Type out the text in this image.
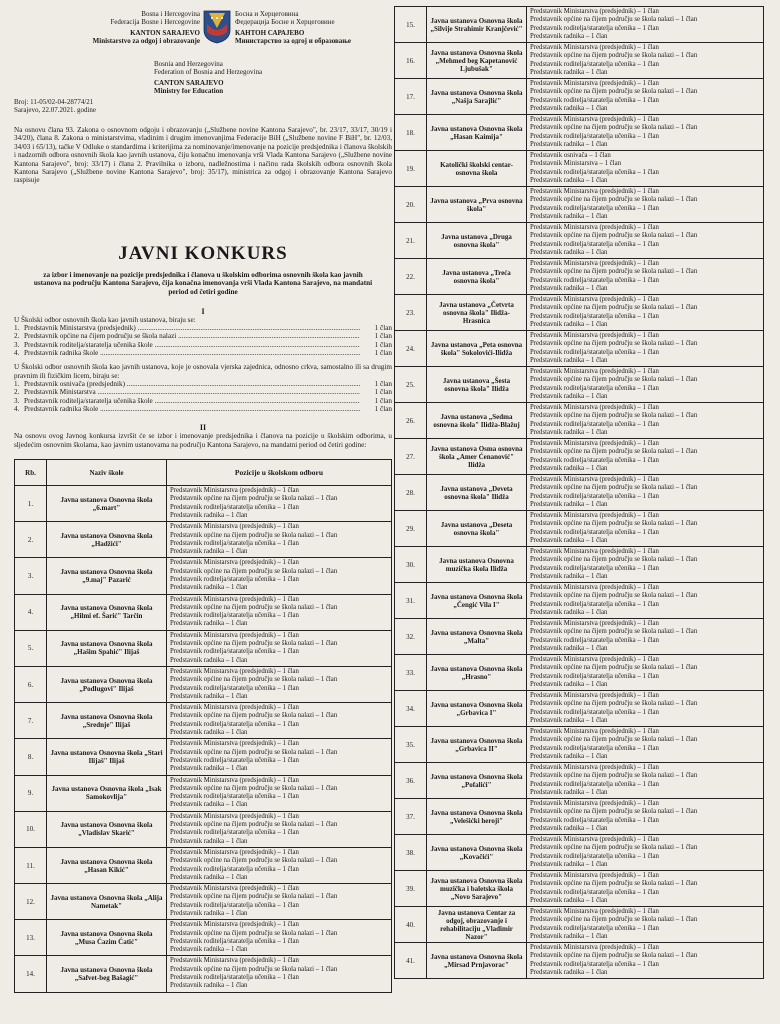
Bosna i Hercegovina
Federacija Bosne i Hercegovine
KANTON SARAJEVO
Ministarstvo za odgoj i obrazovanje
Босна и Херцеговина
Федерација Босне и Херцеговине
КАНТОН САРАЈЕВО
Министарство за одгој и образовање
Bosnia and Herzegovina
Federation of Bosnia and Herzegovina
CANTON SARAJEVO
Ministry for Education
Broj: 11-05/02-04-28774/21
Sarajevo, 22.07.2021. godine

Na osnovu člana 93. Zakona o osnovnom odgoju i obrazovanju („Službene novine Kantona Sarajevo", br. 23/17, 33/17, 30/19 i 34/20), člana 8. Zakona o ministarstvima, vladinim i drugim imenovanjima Federacije BiH („Službene novine F BiH", br. 12/03, 34/03 i 65/13), tačke V Odluke o standardima i kriterijima za nominovanje/imenovanje na pozicije predsjednika i članova školskih i nadzornih odbora osnovnih škola kao javnih ustanova, čiju konačnu imenovanja vrši Vlada Kantona Sarajevo („Službene novine Kantona Sarajevo", broj: 33/17) i člana 2. Pravilnika o izboru, nadležnostima i načinu rada školskih odbora osnovnih škola Kantona Sarajevo („Službene novine Kantona Sarajevo", broj: 35/17), ministrica za odgoj i obrazovanje Kantona Sarajevo raspisuje

JAVNI KONKURS
za izbor i imenovanje na pozicije predsjednika i članova u školskim odborima osnovnih škola kao javnih ustanova na području Kantona Sarajevo, čija konačna imenovanja vrši Vlada Kantona Sarajevo, na mandatni period od četiri godine
I

U Školski odbor osnovnih škola kao javnih ustanova, biraju se:

1. Predstavnik Ministarstva (predsjednik) .....	1 član
2. Predstavnik općine na čijem području se škola nalazi .....	1 član
3. Predstavnik roditelja/staratelja učenika škole .....	1 član
4. Predstavnik radnika škole .....	1 član

U Školski odbor osnovnih škola kao javnih ustanova, koje je osnovala vjerska zajednica, odnosno crkva, samostalno ili sa drugim pravnim ili fizičkim licem, biraju se:

1. Predstavnik osnivača (predsjednik) .....	1 član
2. Predstavnik Ministarstva .....	1 član
3. Predstavnik roditelja/staratelja učenika škole .....	1 član
4. Predstavnik radnika škole .....	1 član
II

Na osnovu ovog Javnog konkursa izvršit će se izbor i imenovanje predsjednika i članova na pozicije u školskim odborima, u sljedećim osnovnim školama, kao javnim ustanovama na području Kantona Sarajevo, na mandatni period od četiri godine:

Rb.	Naziv škole	Pozicije u školskom odboru
1.	Javna ustanova Osnovna škola „6.mart"	Predstavnik Ministarstva (predsjednik) – 1 član
Predstavnik općine na čijem području se škola nalazi – 1 član
Predstavnik roditelja/staratelja učenika – 1 član
Predstavnik radnika – 1 član

2.	Javna ustanova Osnovna škola „Hadžići"	Predstavnik Ministarstva (predsjednik) – 1 član
Predstavnik općine na čijem području se škola nalazi – 1 član
Predstavnik roditelja/staratelja učenika – 1 član
Predstavnik radnika – 1 član

3.	Javna ustanova Osnovna škola „9.maj" Pazarić	Predstavnik Ministarstva (predsjednik) – 1 član
Predstavnik općine na čijem području se škola nalazi – 1 član
Predstavnik roditelja/staratelja učenika – 1 član
Predstavnik radnika – 1 član

4.	Javna ustanova Osnovna škola „Hilmi ef. Šarić" Tarčin	Predstavnik Ministarstva (predsjednik) – 1 član
Predstavnik općine na čijem području se škola nalazi – 1 član
Predstavnik roditelja/staratelja učenika – 1 član
Predstavnik radnika – 1 član

5.	Javna ustanova Osnovna škola „Hašim Spahić" Ilijaš	Predstavnik Ministarstva (predsjednik) – 1 član
Predstavnik općine na čijem području se škola nalazi – 1 član
Predstavnik roditelja/staratelja učenika – 1 član
Predstavnik radnika – 1 član

6.	Javna ustanova Osnovna škola „Podlugovi" Ilijaš	Predstavnik Ministarstva (predsjednik) – 1 član
Predstavnik općine na čijem području se škola nalazi – 1 član
Predstavnik roditelja/staratelja učenika – 1 član
Predstavnik radnika – 1 član

7.	Javna ustanova Osnovna škola „Srednje" Ilijaš	Predstavnik Ministarstva (predsjednik) – 1 član
Predstavnik općine na čijem području se škola nalazi – 1 član
Predstavnik roditelja/staratelja učenika – 1 član
Predstavnik radnika – 1 član

8.	Javna ustanova Osnovna škola „Stari Ilijaš" Ilijaš	Predstavnik Ministarstva (predsjednik) – 1 član
Predstavnik općine na čijem području se škola nalazi – 1 član
Predstavnik roditelja/staratelja učenika – 1 član
Predstavnik radnika – 1 član

9.	Javna ustanova Osnovna škola „Isak Samokovlija"	Predstavnik Ministarstva (predsjednik) – 1 član
Predstavnik općine na čijem području se škola nalazi – 1 član
Predstavnik roditelja/staratelja učenika – 1 član
Predstavnik radnika – 1 član

10.	Javna ustanova Osnovna škola „Vladislav Skarić"	Predstavnik Ministarstva (predsjednik) – 1 član
Predstavnik općine na čijem području se škola nalazi – 1 član
Predstavnik roditelja/staratelja učenika – 1 član
Predstavnik radnika – 1 član

11.	Javna ustanova Osnovna škola „Hasan Kikić"	Predstavnik Ministarstva (predsjednik) – 1 član
Predstavnik općine na čijem području se škola nalazi – 1 član
Predstavnik roditelja/staratelja učenika – 1 član
Predstavnik radnika – 1 član

12.	Javna ustanova Osnovna škola „Alija Nametak"	Predstavnik Ministarstva (predsjednik) – 1 član
Predstavnik općine na čijem području se škola nalazi – 1 član
Predstavnik roditelja/staratelja učenika – 1 član
Predstavnik radnika – 1 član

13.	Javna ustanova Osnovna škola „Musa Ćazim Ćatić"	Predstavnik Ministarstva (predsjednik) – 1 član
Predstavnik općine na čijem području se škola nalazi – 1 član
Predstavnik roditelja/staratelja učenika – 1 član
Predstavnik radnika – 1 član

14.	Javna ustanova Osnovna škola „Safvet-beg Bašagić"	Predstavnik Ministarstva (predsjednik) – 1 član
Predstavnik općine na čijem području se škola nalazi – 1 član
Predstavnik roditelja/staratelja učenika – 1 član
Predstavnik radnika – 1 član
15.	Javna ustanova Osnovna škola „Silvije Strahimir Kranjčević"	Predstavnik Ministarstva (predsjednik) – 1 član
Predstavnik općine na čijem području se škola nalazi – 1 član
Predstavnik roditelja/staratelja učenika – 1 član
Predstavnik radnika – 1 član

16.	Javna ustanova Osnovna škola „Mehmed beg Kapetanović Ljubušak"	Predstavnik Ministarstva (predsjednik) – 1 član
Predstavnik općine na čijem području se škola nalazi – 1 član
Predstavnik roditelja/staratelja učenika – 1 član
Predstavnik radnika – 1 član

17.	Javna ustanova Osnovna škola „Našja Sarajlić"	Predstavnik Ministarstva (predsjednik) – 1 član
Predstavnik općine na čijem području se škola nalazi – 1 član
Predstavnik roditelja/staratelja učenika – 1 član
Predstavnik radnika – 1 član

18.	Javna ustanova Osnovna škola „Hasan Kaimija"	Predstavnik Ministarstva (predsjednik) – 1 član
Predstavnik općine na čijem području se škola nalazi – 1 član
Predstavnik roditelja/staratelja učenika – 1 član
Predstavnik radnika – 1 član

19.	Katolički školski centar-osnovna škola	Predstavnik osnivača – 1 član
Predstavnik Ministarstva – 1 član
Predstavnik roditelja/staratelja učenika – 1 član
Predstavnik radnika – 1 član

20.	Javna ustanova „Prva osnovna škola"	Predstavnik Ministarstva (predsjednik) – 1 član
Predstavnik općine na čijem području se škola nalazi – 1 član
Predstavnik roditelja/staratelja učenika – 1 član
Predstavnik radnika – 1 član

21.	Javna ustanova „Druga osnovna škola"	Predstavnik Ministarstva (predsjednik) – 1 član
Predstavnik općine na čijem području se škola nalazi – 1 član
Predstavnik roditelja/staratelja učenika – 1 član
Predstavnik radnika – 1 član

22.	Javna ustanova „Treća osnovna škola"	Predstavnik Ministarstva (predsjednik) – 1 član
Predstavnik općine na čijem području se škola nalazi – 1 član
Predstavnik roditelja/staratelja učenika – 1 član
Predstavnik radnika – 1 član

23.	Javna ustanova „Četvrta osnovna škola" Ilidža-Hrasnica	Predstavnik Ministarstva (predsjednik) – 1 član
Predstavnik općine na čijem području se škola nalazi – 1 član
Predstavnik roditelja/staratelja učenika – 1 član
Predstavnik radnika – 1 član

24.	Javna ustanova „Peta osnovna škola" Sokolovići-Ilidža	Predstavnik Ministarstva (predsjednik) – 1 član
Predstavnik općine na čijem području se škola nalazi – 1 član
Predstavnik roditelja/staratelja učenika – 1 član
Predstavnik radnika – 1 član

25.	Javna ustanova „Šesta osnovna škola" Ilidža	Predstavnik Ministarstva (predsjednik) – 1 član
Predstavnik općine na čijem području se škola nalazi – 1 član
Predstavnik roditelja/staratelja učenika – 1 član
Predstavnik radnika – 1 član

26.	Javna ustanova „Sedma osnovna škola" Ilidža-Blažuj	Predstavnik Ministarstva (predsjednik) – 1 član
Predstavnik općine na čijem području se škola nalazi – 1 član
Predstavnik roditelja/staratelja učenika – 1 član
Predstavnik radnika – 1 član

27.	Javna ustanova Osma osnovna škola „Amer Ćenanović" Ilidža	Predstavnik Ministarstva (predsjednik) – 1 član
Predstavnik općine na čijem području se škola nalazi – 1 član
Predstavnik roditelja/staratelja učenika – 1 član
Predstavnik radnika – 1 član

28.	Javna ustanova „Deveta osnovna škola" Ilidža	Predstavnik Ministarstva (predsjednik) – 1 član
Predstavnik općine na čijem području se škola nalazi – 1 član
Predstavnik roditelja/staratelja učenika – 1 član
Predstavnik radnika – 1 član

29.	Javna ustanova „Deseta osnovna škola"	Predstavnik Ministarstva (predsjednik) – 1 član
Predstavnik općine na čijem području se škola nalazi – 1 član
Predstavnik roditelja/staratelja učenika – 1 član
Predstavnik radnika – 1 član

30.	Javna ustanova Osnovna muzička škola Ilidža	Predstavnik Ministarstva (predsjednik) – 1 član
Predstavnik općine na čijem području se škola nalazi – 1 član
Predstavnik roditelja/staratelja učenika – 1 član
Predstavnik radnika – 1 član

31.	Javna ustanova Osnovna škola „Čengić Vila I"	Predstavnik Ministarstva (predsjednik) – 1 član
Predstavnik općine na čijem području se škola nalazi – 1 član
Predstavnik roditelja/staratelja učenika – 1 član
Predstavnik radnika – 1 član

32.	Javna ustanova Osnovna škola „Malta"	Predstavnik Ministarstva (predsjednik) – 1 član
Predstavnik općine na čijem području se škola nalazi – 1 član
Predstavnik roditelja/staratelja učenika – 1 član
Predstavnik radnika – 1 član

33.	Javna ustanova Osnovna škola „Hrasno"	Predstavnik Ministarstva (predsjednik) – 1 član
Predstavnik općine na čijem području se škola nalazi – 1 član
Predstavnik roditelja/staratelja učenika – 1 član
Predstavnik radnika – 1 član

34.	Javna ustanova Osnovna škola „Grbavica I"	Predstavnik Ministarstva (predsjednik) – 1 član
Predstavnik općine na čijem području se škola nalazi – 1 član
Predstavnik roditelja/staratelja učenika – 1 član
Predstavnik radnika – 1 član

35.	Javna ustanova Osnovna škola „Grbavica II"	Predstavnik Ministarstva (predsjednik) – 1 član
Predstavnik općine na čijem području se škola nalazi – 1 član
Predstavnik roditelja/staratelja učenika – 1 član
Predstavnik radnika – 1 član

36.	Javna ustanova Osnovna škola „Pofalići"	Predstavnik Ministarstva (predsjednik) – 1 član
Predstavnik općine na čijem području se škola nalazi – 1 član
Predstavnik roditelja/staratelja učenika – 1 član
Predstavnik radnika – 1 član

37.	Javna ustanova Osnovna škola „Velešićki heroji"	Predstavnik Ministarstva (predsjednik) – 1 član
Predstavnik općine na čijem području se škola nalazi – 1 član
Predstavnik roditelja/staratelja učenika – 1 član
Predstavnik radnika – 1 član

38.	Javna ustanova Osnovna škola „Kovačići"	Predstavnik Ministarstva (predsjednik) – 1 član
Predstavnik općine na čijem području se škola nalazi – 1 član
Predstavnik roditelja/staratelja učenika – 1 član
Predstavnik radnika – 1 član

39.	Javna ustanova Osnovna škola muzička i baletska škola „Novo Sarajevo"	Predstavnik Ministarstva (predsjednik) – 1 član
Predstavnik općine na čijem području se škola nalazi – 1 član
Predstavnik roditelja/staratelja učenika – 1 član
Predstavnik radnika – 1 član

40.	Javna ustanova Centar za odgoj, obrazovanje i rehabilitaciju „Vladimir Nazor"	Predstavnik Ministarstva (predsjednik) – 1 član
Predstavnik općine na čijem području se škola nalazi – 1 član
Predstavnik roditelja/staratelja učenika – 1 član
Predstavnik radnika – 1 član

41.	Javna ustanova Osnovna škola „Mirsad Prnjavorac"	Predstavnik Ministarstva (predsjednik) – 1 član
Predstavnik općine na čijem području se škola nalazi – 1 član
Predstavnik roditelja/staratelja učenika – 1 član
Predstavnik radnika – 1 član
